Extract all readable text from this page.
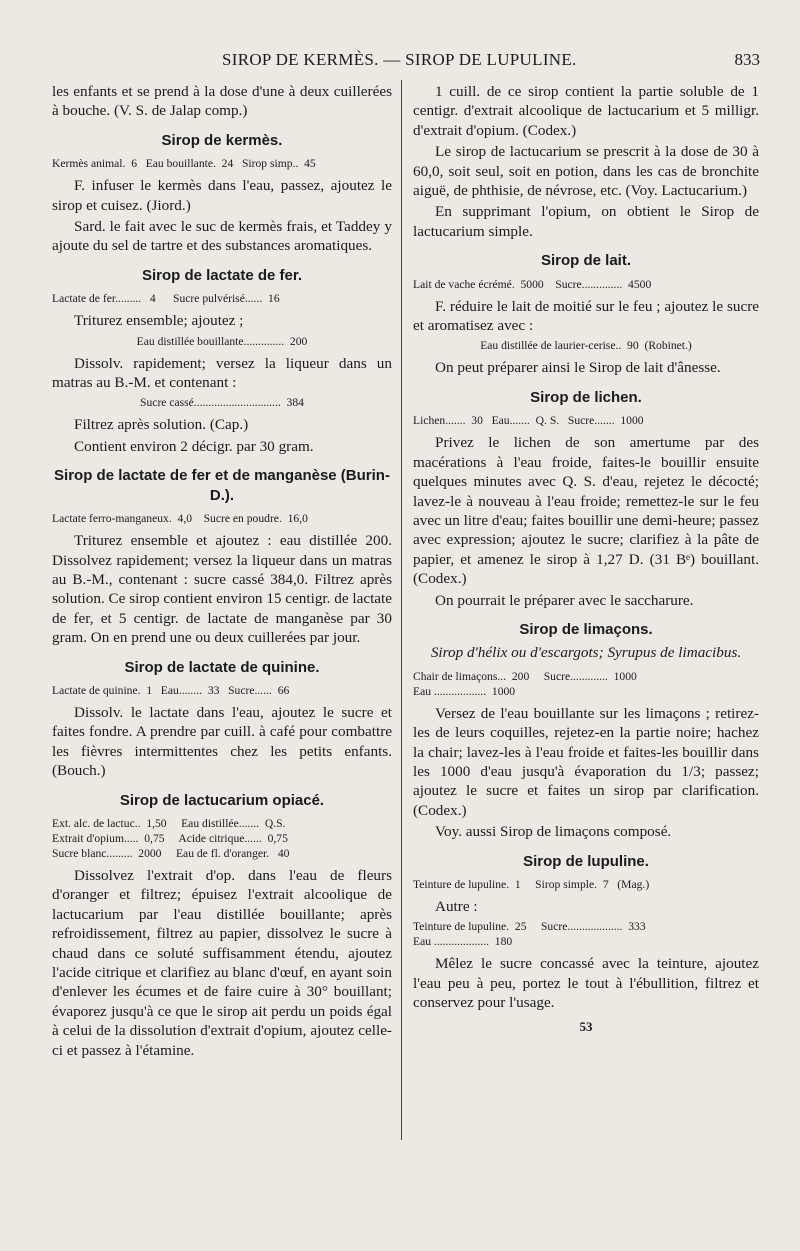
SIROP DE KERMÈS. — SIROP DE LUPULINE.	833

les enfants et se prend à la dose d'une à deux cuillerées à bouche. (V. S. de Jalap comp.)

Sirop de kermès.
Kermès animal.  6   Eau bouillante.  24   Sirop simp..  45

F. infuser le kermès dans l'eau, passez, ajoutez le sirop et cuisez. (Jiord.)

Sard. le fait avec le suc de kermès frais, et Taddey y ajoute du sel de tartre et des substances aromatiques.

Sirop de lactate de fer.
Lactate de fer.........   4      Sucre pulvérisé......  16

Triturez ensemble; ajoutez ;

Eau distillée bouillante..............  200

Dissolv. rapidement; versez la liqueur dans un matras au B.-M. et contenant :

Sucre cassé..............................  384

Filtrez après solution. (Cap.)

Contient environ 2 décigr. par 30 gram.

Sirop de lactate de fer et de manganèse (Burin-D.).
Lactate ferro-manganeux.  4,0    Sucre en poudre.  16,0

Triturez ensemble et ajoutez : eau distillée 200. Dissolvez rapidement; versez la liqueur dans un matras au B.-M., contenant : sucre cassé 384,0. Filtrez après solution. Ce sirop contient environ 15 centigr. de lactate de fer, et 5 centigr. de lactate de manganèse par 30 gram. On en prend une ou deux cuillerées par jour.

Sirop de lactate de quinine.
Lactate de quinine.  1   Eau........  33   Sucre......  66

Dissolv. le lactate dans l'eau, ajoutez le sucre et faites fondre. A prendre par cuill. à café pour combattre les fièvres intermittentes chez les petits enfants. (Bouch.)

Sirop de lactucarium opiacé.
Ext. alc. de lactuc..  1,50     Eau distillée.......  Q.S.
Extrait d'opium.....  0,75     Acide citrique......  0,75
Sucre blanc.........  2000     Eau de fl. d'oranger.   40

Dissolvez l'extrait d'op. dans l'eau de fleurs d'oranger et filtrez; épuisez l'extrait alcoolique de lactucarium par l'eau distillée bouillante; après refroidissement, filtrez au papier, dissolvez le sucre à chaud dans ce soluté suffisamment étendu, ajoutez l'acide citrique et clarifiez au blanc d'œuf, en ayant soin d'enlever les écumes et de faire cuire à 30° bouillant; évaporez jusqu'à ce que le sirop ait perdu un poids égal à celui de la dissolution d'extrait d'opium, ajoutez celle-ci et passez à l'étamine.

1 cuill. de ce sirop contient la partie soluble de 1 centigr. d'extrait alcoolique de lactucarium et 5 milligr. d'extrait d'opium. (Codex.)

Le sirop de lactucarium se prescrit à la dose de 30 à 60,0, soit seul, soit en potion, dans les cas de bronchite aiguë, de phthisie, de névrose, etc. (Voy. Lactucarium.)

En supprimant l'opium, on obtient le Sirop de lactucarium simple.

Sirop de lait.
Lait de vache écrémé.  5000    Sucre..............  4500

F. réduire le lait de moitié sur le feu ; ajoutez le sucre et aromatisez avec :

Eau distillée de laurier-cerise..  90  (Robinet.)

On peut préparer ainsi le Sirop de lait d'ânesse.

Sirop de lichen.
Lichen.......  30   Eau.......  Q. S.   Sucre.......  1000

Privez le lichen de son amertume par des macérations à l'eau froide, faites-le bouillir ensuite quelques minutes avec Q. S. d'eau, rejetez le décocté; lavez-le à nouveau à l'eau froide; remettez-le sur le feu avec un litre d'eau; faites bouillir une demi-heure; passez avec expression; ajoutez le sucre; clarifiez à la pâte de papier, et amenez le sirop à 1,27 D. (31 Bᵉ) bouillant. (Codex.)

On pourrait le préparer avec le saccharure.

Sirop de limaçons.
Sirop d'hélix ou d'escargots; Syrupus de limacibus.
Chair de limaçons...  200     Sucre.............  1000
Eau ..................  1000

Versez de l'eau bouillante sur les limaçons ; retirez-les de leurs coquilles, rejetez-en la partie noire; hachez la chair; lavez-les à l'eau froide et faites-les bouillir dans les 1000 d'eau jusqu'à évaporation du 1/3; passez; ajoutez le sucre et faites un sirop par clarification. (Codex.)

Voy. aussi Sirop de limaçons composé.

Sirop de lupuline.
Teinture de lupuline.  1     Sirop simple.  7   (Mag.)

Autre :

Teinture de lupuline.  25     Sucre...................  333
Eau ...................  180

Mêlez le sucre concassé avec la teinture, ajoutez l'eau peu à peu, portez le tout à l'ébullition, filtrez et conservez pour l'usage.

53
